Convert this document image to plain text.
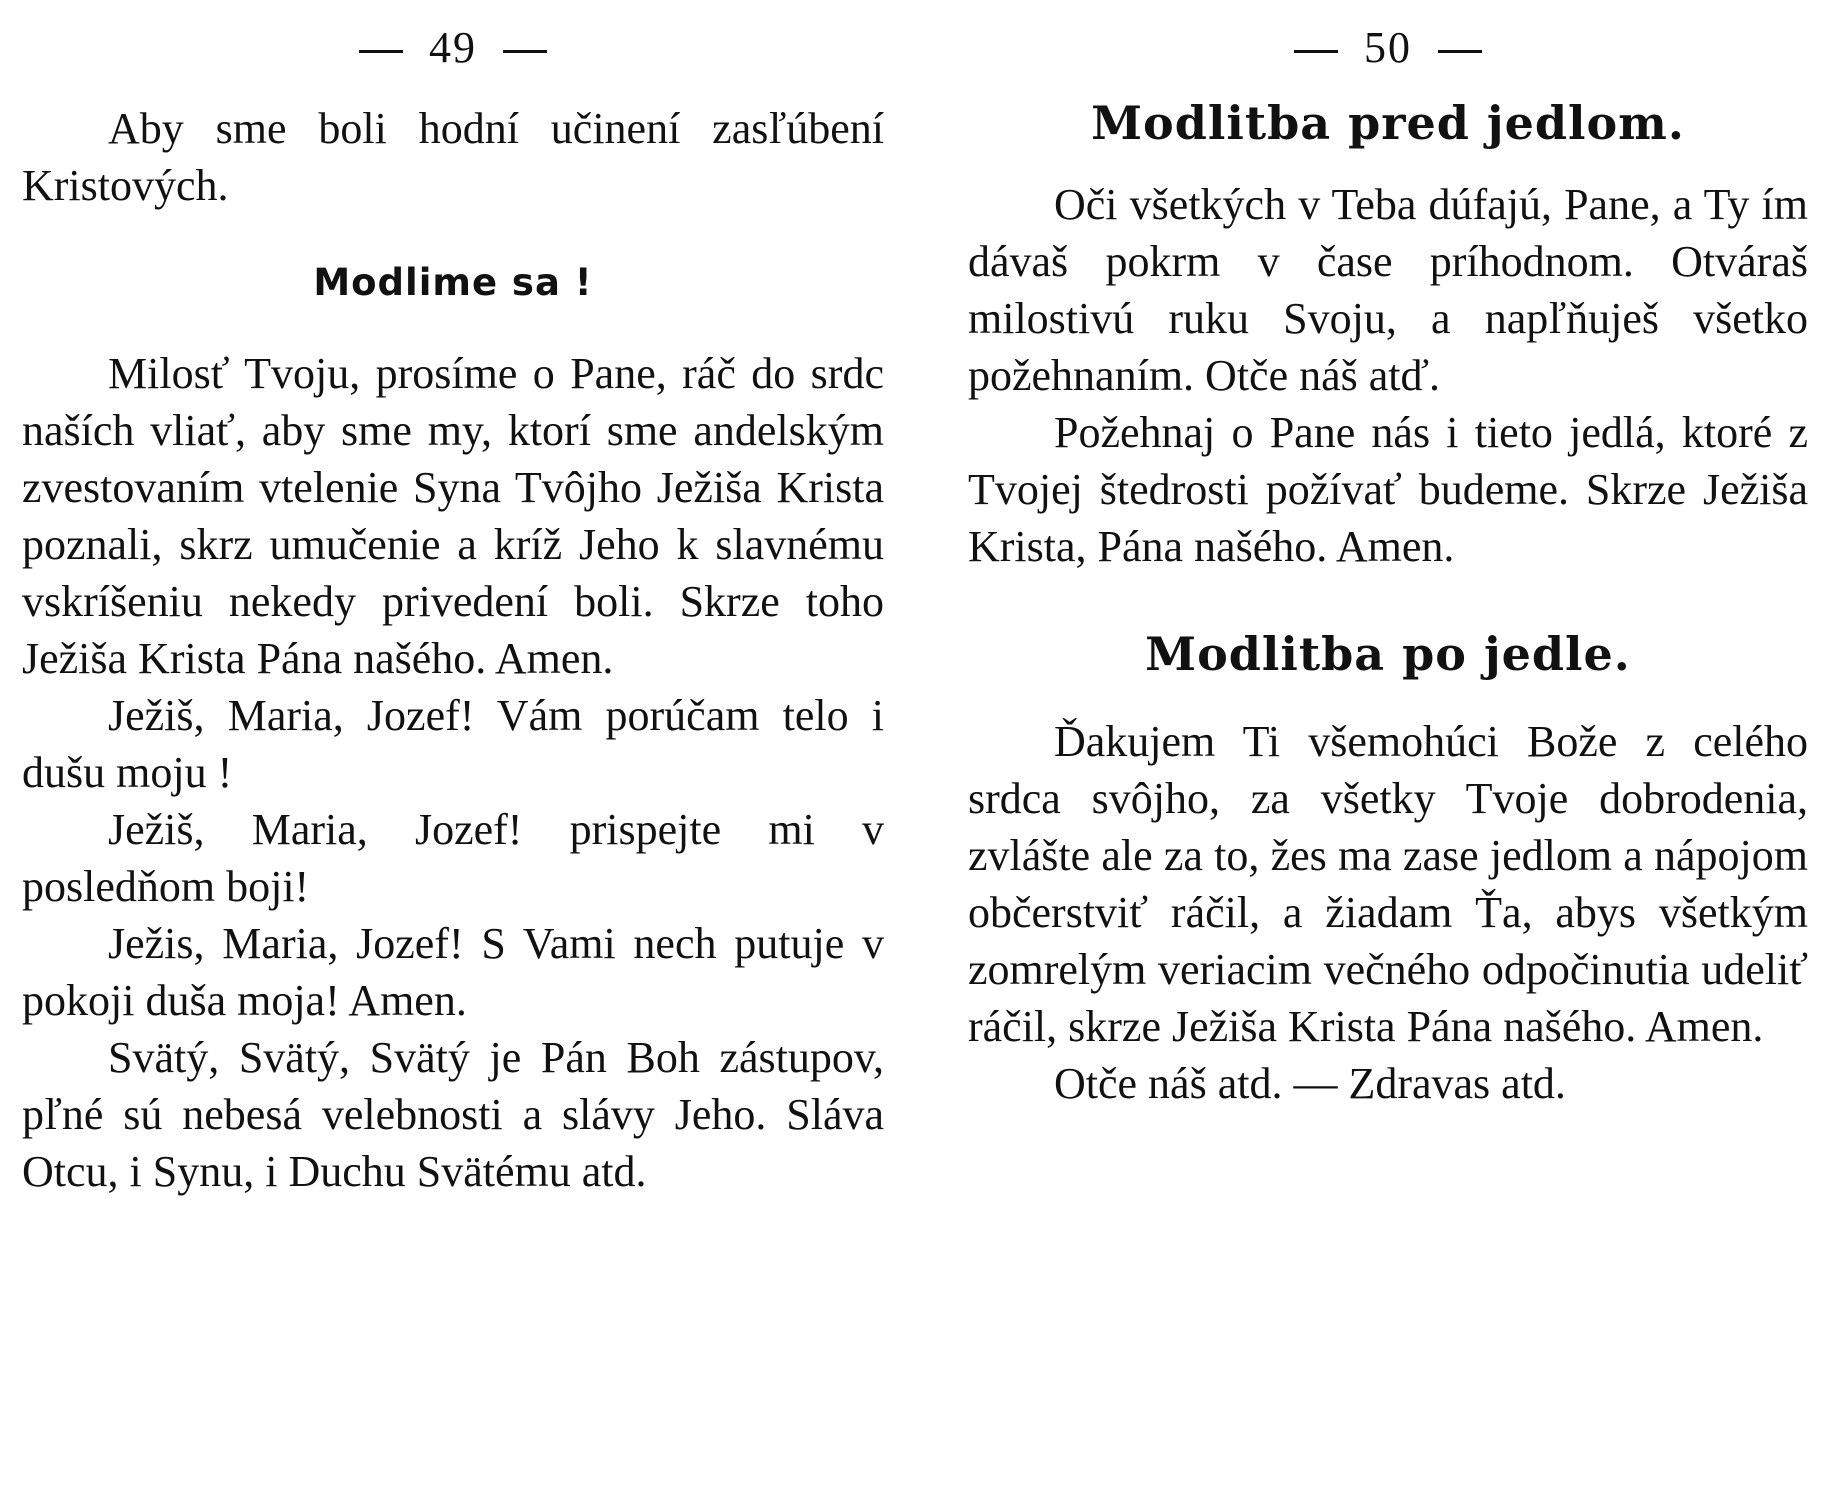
49

Aby sme boli hodní učinení zasľúbení Kristových.

Modlime sa !

Milosť Tvoju, prosíme o Pane, ráč do srdc naších vliať, aby sme my, ktorí sme andelským zvestovaním vtelenie Syna Tvôjho Ježiša Krista poznali, skrz umučenie a kríž Jeho k slavnému vskríšeniu nekedy privedení boli. Skrze toho Ježiša Krista Pána našého. Amen.

Ježiš, Maria, Jozef! Vám porúčam telo i dušu moju !

Ježiš, Maria, Jozef! prispejte mi v posledňom boji!

Ježis, Maria, Jozef! S Vami nech putuje v pokoji duša moja! Amen.

Svätý, Svätý, Svätý je Pán Boh zástupov, pľné sú nebesá velebnosti a slávy Jeho. Sláva Otcu, i Synu, i Duchu Svätému atd.

50
Modlitba pred jedlom.

Oči všetkých v Teba dúfajú, Pane, a Ty ím dávaš pokrm v čase príhodnom. Otváraš milostivú ruku Svoju, a napľňuješ všetko požehnaním. Otče náš atď.

Požehnaj o Pane nás i tieto jedlá, ktoré z Tvojej štedrosti požívať budeme. Skrze Ježiša Krista, Pána našého. Amen.

Modlitba po jedle.

Ďakujem Ti všemohúci Bože z celého srdca svôjho, za všetky Tvoje dobrodenia, zvlášte ale za to, žes ma zase jedlom a nápojom občerstviť ráčil, a žiadam Ťa, abys všetkým zomrelým veriacim večného odpočinutia udeliť ráčil, skrze Ježiša Krista Pána našého. Amen.

Otče náš atd. — Zdravas atd.
